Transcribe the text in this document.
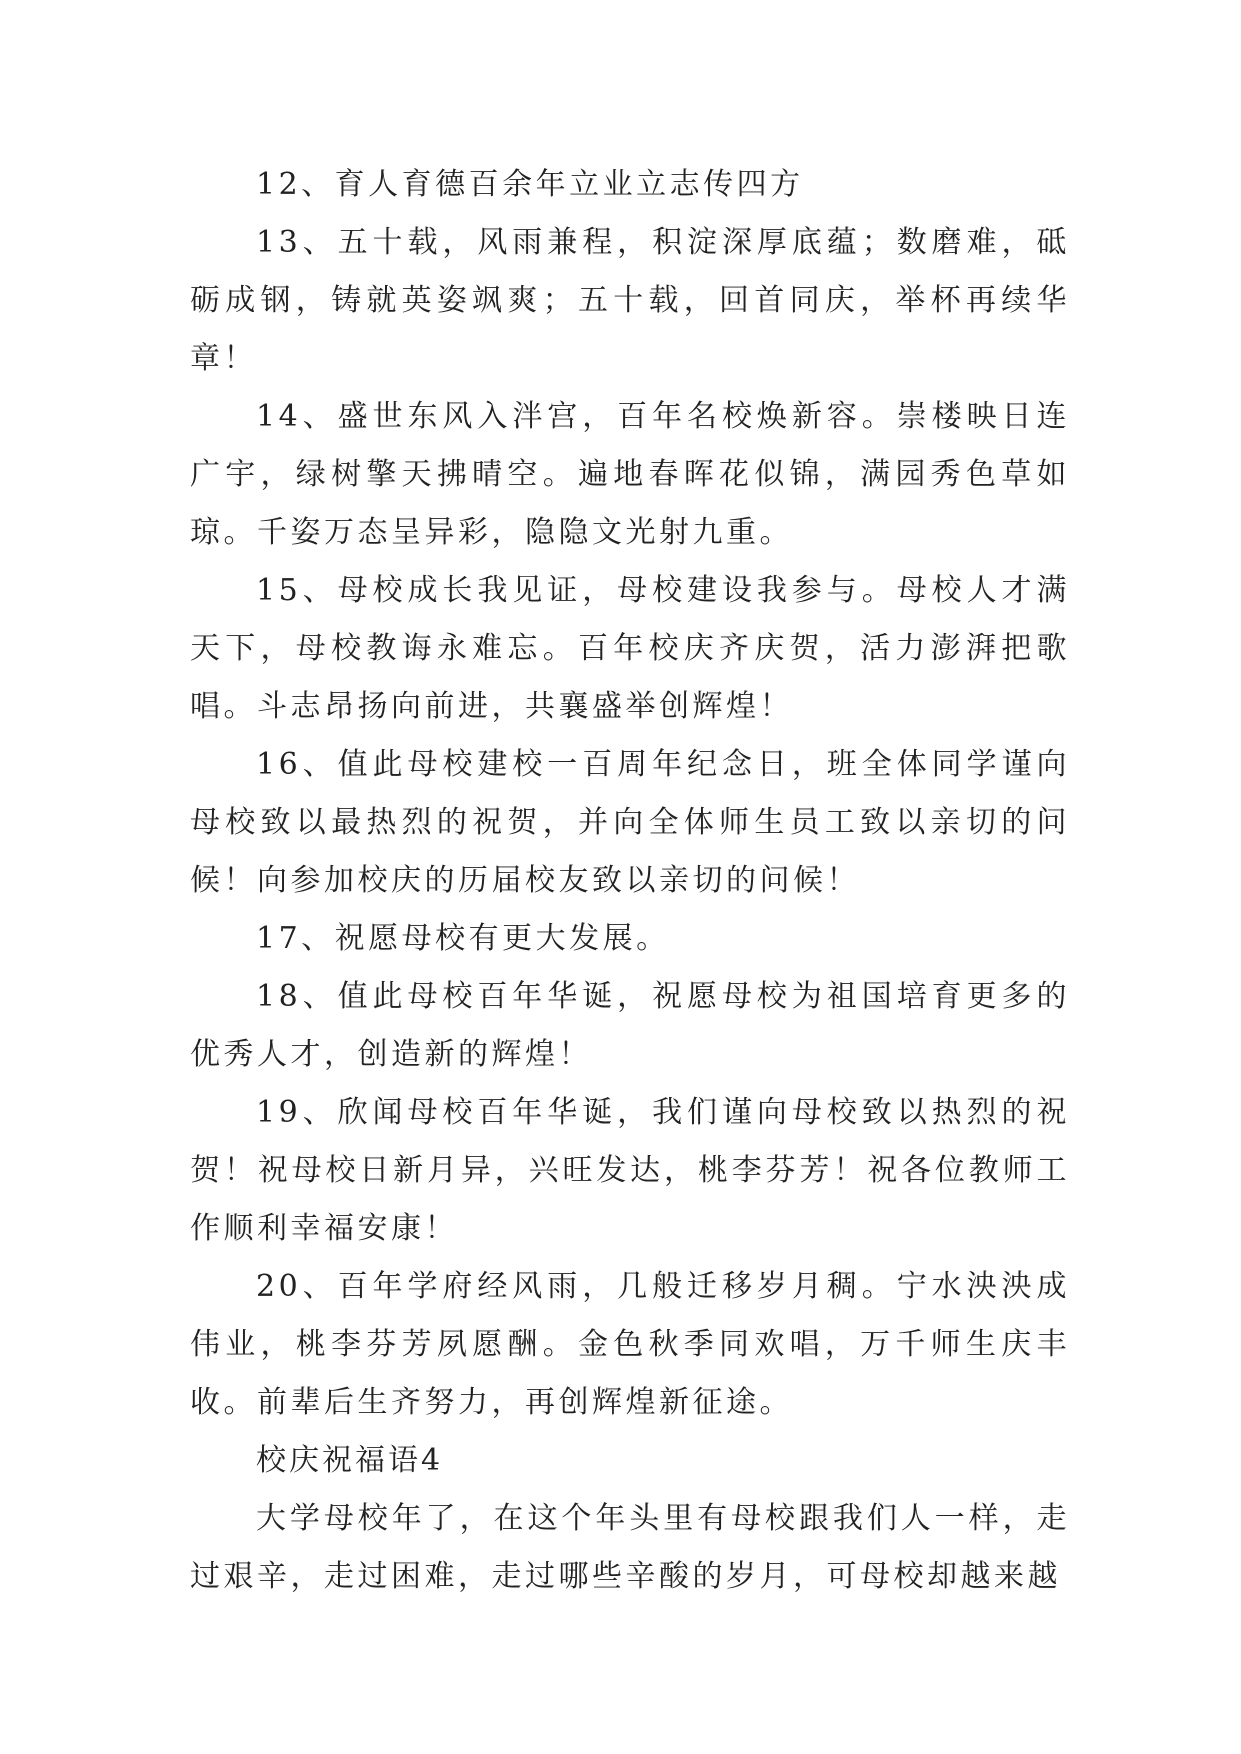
12、育人育德百余年立业立志传四方

13、五十载，风雨兼程，积淀深厚底蕴；数磨难，砥砺成钢，铸就英姿飒爽；五十载，回首同庆，举杯再续华章！

14、盛世东风入泮宫，百年名校焕新容。崇楼映日连广宇，绿树擎天拂晴空。遍地春晖花似锦，满园秀色草如琼。千姿万态呈异彩，隐隐文光射九重。

15、母校成长我见证，母校建设我参与。母校人才满天下，母校教诲永难忘。百年校庆齐庆贺，活力澎湃把歌唱。斗志昂扬向前进，共襄盛举创辉煌！

16、值此母校建校一百周年纪念日，班全体同学谨向母校致以最热烈的祝贺，并向全体师生员工致以亲切的问候！向参加校庆的历届校友致以亲切的问候！

17、祝愿母校有更大发展。

18、值此母校百年华诞，祝愿母校为祖国培育更多的优秀人才，创造新的辉煌！

19、欣闻母校百年华诞，我们谨向母校致以热烈的祝贺！祝母校日新月异，兴旺发达，桃李芬芳！祝各位教师工作顺利幸福安康！

20、百年学府经风雨，几般迁移岁月稠。宁水泱泱成伟业，桃李芬芳夙愿酬。金色秋季同欢唱，万千师生庆丰收。前辈后生齐努力，再创辉煌新征途。

校庆祝福语4

大学母校年了，在这个年头里有母校跟我们人一样，走过艰辛，走过困难，走过哪些辛酸的岁月，可母校却越来越
